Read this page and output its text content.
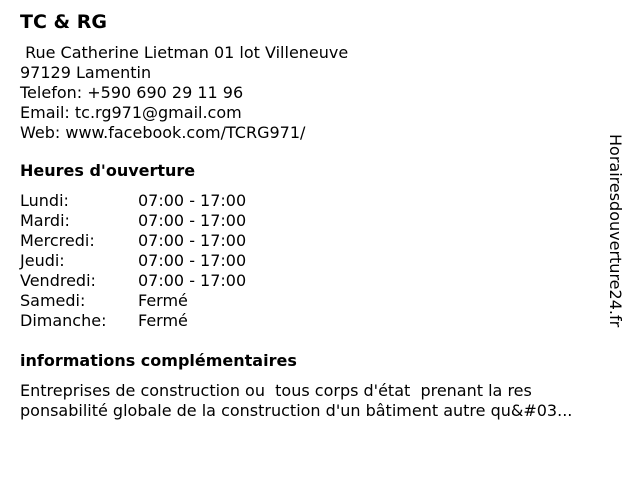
TC & RG
Rue Catherine Lietman 01 lot Villeneuve
97129 Lamentin
Telefon: +590 690 29 11 96
Email: tc.rg971@gmail.com
Web: www.facebook.com/TCRG971/
Heures d'ouverture
Lundi:	07:00 - 17:00
Mardi:	07:00 - 17:00
Mercredi:	07:00 - 17:00
Jeudi:	07:00 - 17:00
Vendredi:	07:00 - 17:00
Samedi:	Fermé
Dimanche:	Fermé
informations complémentaires
Entreprises de construction ou  tous corps d'état  prenant la res
ponsabilité globale de la construction d'un bâtiment autre qu&#03...
Horairesdouverture24.fr
